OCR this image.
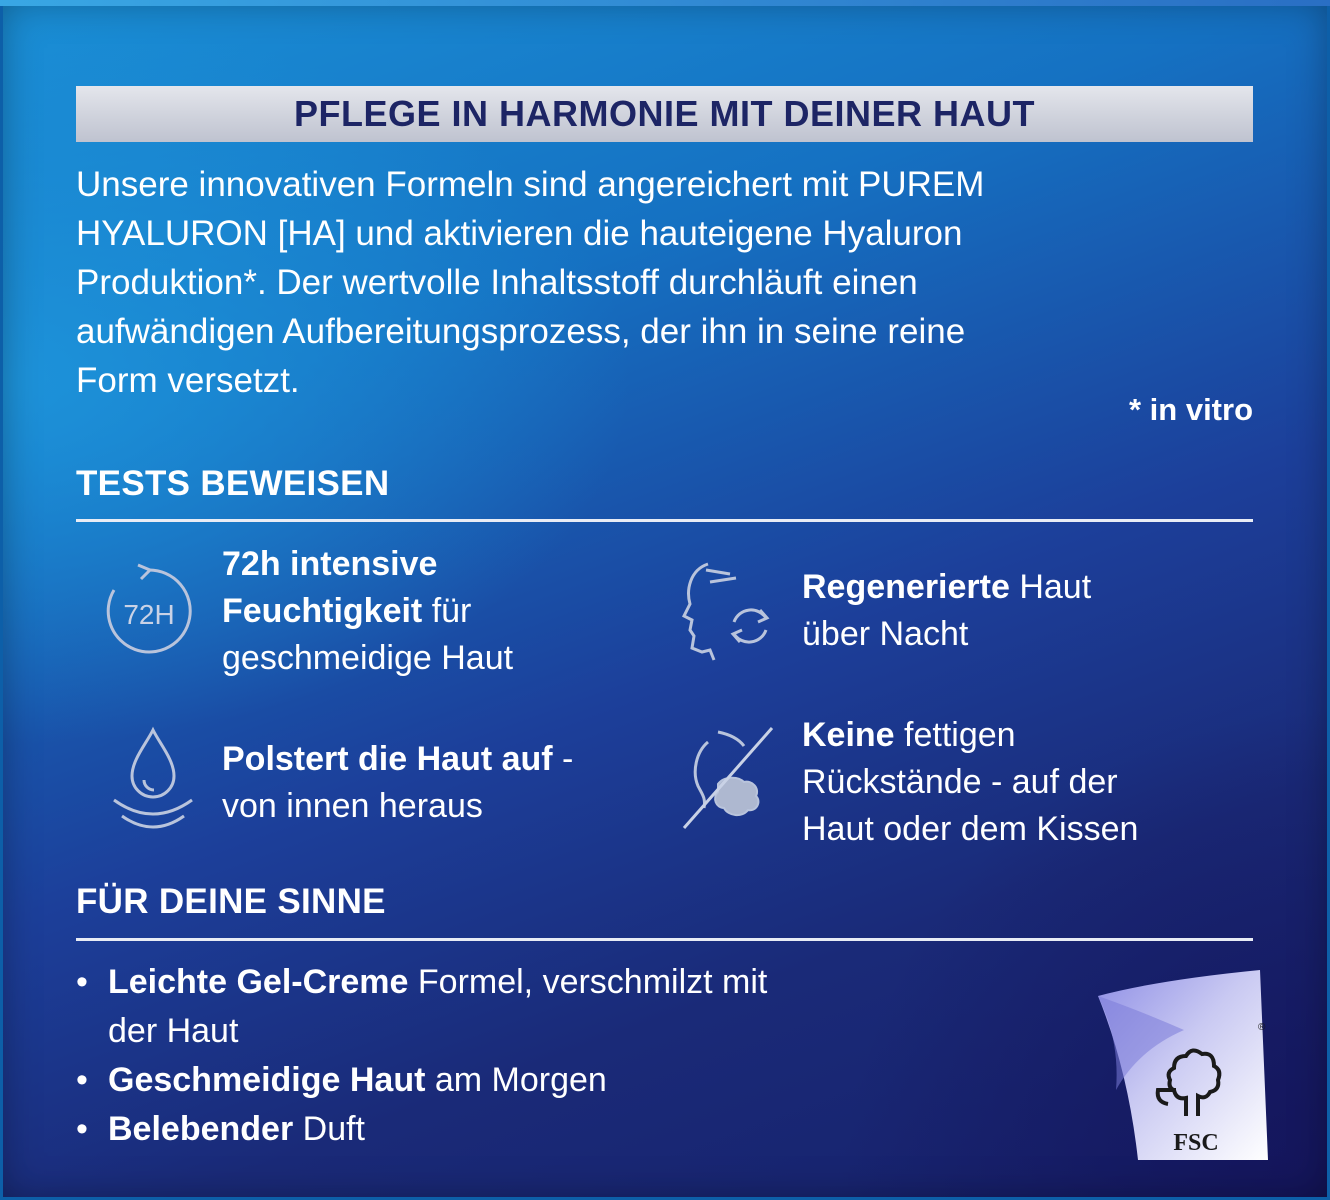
PFLEGE IN HARMONIE MIT DEINER HAUT
Unsere innovativen Formeln sind angereichert mit PUREM
HYALURON [HA] und aktivieren die hauteigene Hyaluron
Produktion*. Der wertvolle Inhaltsstoff durchläuft einen
aufwändigen Aufbereitungsprozess, der ihn in seine reine
Form versetzt.
* in vitro
TESTS BEWEISEN
72H
72h intensive
Feuchtigkeit für
geschmeidige Haut
Regenerierte Haut
über Nacht
Polstert die Haut auf -
von innen heraus
Keine fettigen
Rückstände - auf der
Haut oder dem Kissen
FÜR DEINE SINNE
• Leichte Gel-Creme Formel, verschmilzt mit
der Haut
• Geschmeidige Haut am Morgen
• Belebender Duft	FSC
®
